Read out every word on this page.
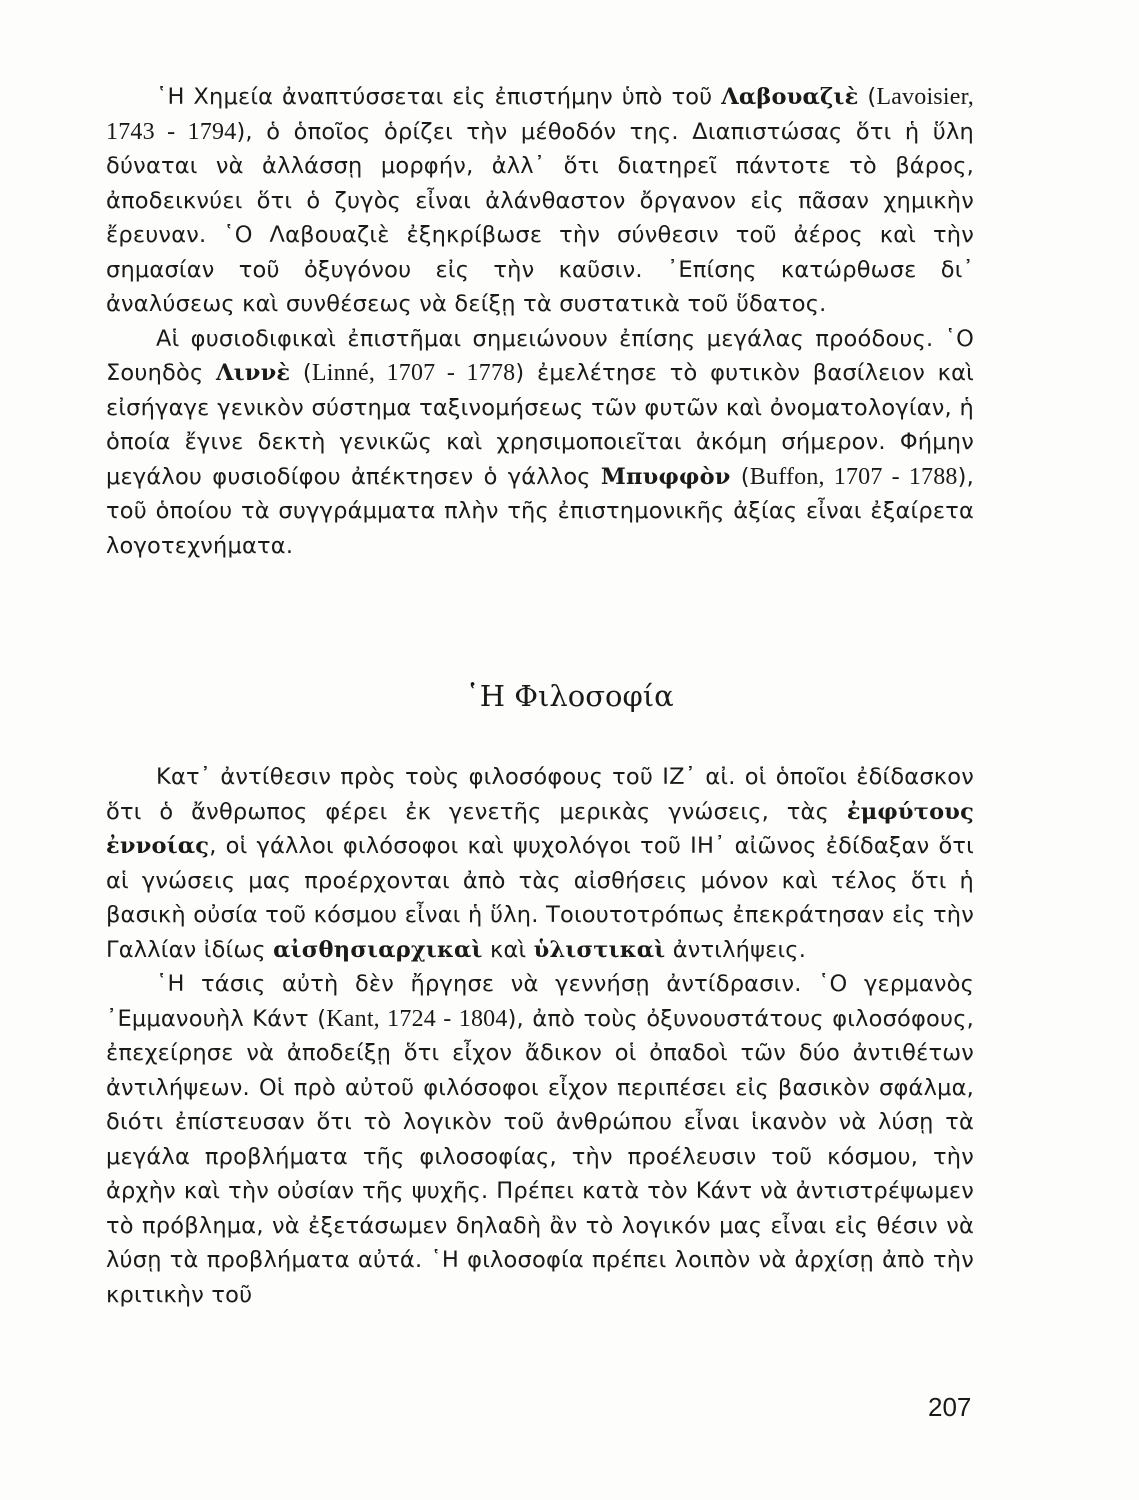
῾Η Χημεία ἀναπτύσσεται εἰς ἐπιστήμην ὑπὸ τοῦ Λαβουαζιὲ (Lavoisier, 1743 - 1794), ὁ ὁποῖος ὁρίζει τὴν μέθοδόν της. Διαπιστώσας ὅτι ἡ ὕλη δύναται νὰ ἀλλάσσῃ μορφήν, ἀλλ᾽ ὅτι διατηρεῖ πάντοτε τὸ βάρος, ἀποδεικνύει ὅτι ὁ ζυγὸς εἶναι ἀλάνθαστον ὄργανον εἰς πᾶσαν χημικὴν ἔρευναν. ῾Ο Λαβουαζιὲ ἐξηκρίβωσε τὴν σύνθεσιν τοῦ ἀέρος καὶ τὴν σημασίαν τοῦ ὀξυγόνου εἰς τὴν καῦσιν. ᾽Επίσης κατώρθωσε δι᾽ ἀναλύσεως καὶ συνθέσεως νὰ δείξῃ τὰ συστατικὰ τοῦ ὕδατος.

Αἱ φυσιοδιφικαὶ ἐπιστῆμαι σημειώνουν ἐπίσης μεγάλας προόδους. ῾Ο Σουηδὸς Λιννὲ (Linné, 1707 - 1778) ἐμελέτησε τὸ φυτικὸν βασίλειον καὶ εἰσήγαγε γενικὸν σύστημα ταξινομήσεως τῶν φυτῶν καὶ ὀνοματολογίαν, ἡ ὁποία ἔγινε δεκτὴ γενικῶς καὶ χρησιμοποιεῖται ἀκόμη σήμερον. Φήμην μεγάλου φυσιοδίφου ἀπέκτησεν ὁ γάλλος Μπυφφὸν (Buffon, 1707 - 1788), τοῦ ὁποίου τὰ συγγράμματα πλὴν τῆς ἐπιστημονικῆς ἀξίας εἶναι ἐξαίρετα λογοτεχνήματα.

῾Η Φιλοσοφία

Κατ᾽ ἀντίθεσιν πρὸς τοὺς φιλοσόφους τοῦ ΙΖ᾽ αἰ. οἱ ὁποῖοι ἐδίδασκον ὅτι ὁ ἄνθρωπος φέρει ἐκ γενετῆς μερικὰς γνώσεις, τὰς ἐμφύτους ἐννοίας, οἱ γάλλοι φιλόσοφοι καὶ ψυχολόγοι τοῦ ΙΗ᾽ αἰῶνος ἐδίδαξαν ὅτι αἱ γνώσεις μας προέρχονται ἀπὸ τὰς αἰσθήσεις μόνον καὶ τέλος ὅτι ἡ βασικὴ οὐσία τοῦ κόσμου εἶναι ἡ ὕλη. Τοιουτοτρόπως ἐπεκράτησαν εἰς τὴν Γαλλίαν ἰδίως αἰσθησιαρχικαὶ καὶ ὑλιστικαὶ ἀντιλήψεις.

῾Η τάσις αὐτὴ δὲν ἤργησε νὰ γεννήσῃ ἀντίδρασιν. ῾Ο γερμανὸς ᾽Εμμανουὴλ Κάντ (Kant, 1724 - 1804), ἀπὸ τοὺς ὀξυνουστάτους φιλοσόφους, ἐπεχείρησε νὰ ἀποδείξῃ ὅτι εἶχον ἄδικον οἱ ὀπαδοὶ τῶν δύο ἀντιθέτων ἀντιλήψεων. Οἱ πρὸ αὐτοῦ φιλόσοφοι εἶχον περιπέσει εἰς βασικὸν σφάλμα, διότι ἐπίστευσαν ὅτι τὸ λογικὸν τοῦ ἀνθρώπου εἶναι ἱκανὸν νὰ λύσῃ τὰ μεγάλα προβλήματα τῆς φιλοσοφίας, τὴν προέλευσιν τοῦ κόσμου, τὴν ἀρχὴν καὶ τὴν οὐσίαν τῆς ψυχῆς. Πρέπει κατὰ τὸν Κάντ νὰ ἀντιστρέψωμεν τὸ πρόβλημα, νὰ ἐξετάσωμεν δηλαδὴ ἂν τὸ λογικόν μας εἶναι εἰς θέσιν νὰ λύσῃ τὰ προβλήματα αὐτά. ῾Η φιλοσοφία πρέπει λοιπὸν νὰ ἀρχίσῃ ἀπὸ τὴν κριτικὴν τοῦ

207
